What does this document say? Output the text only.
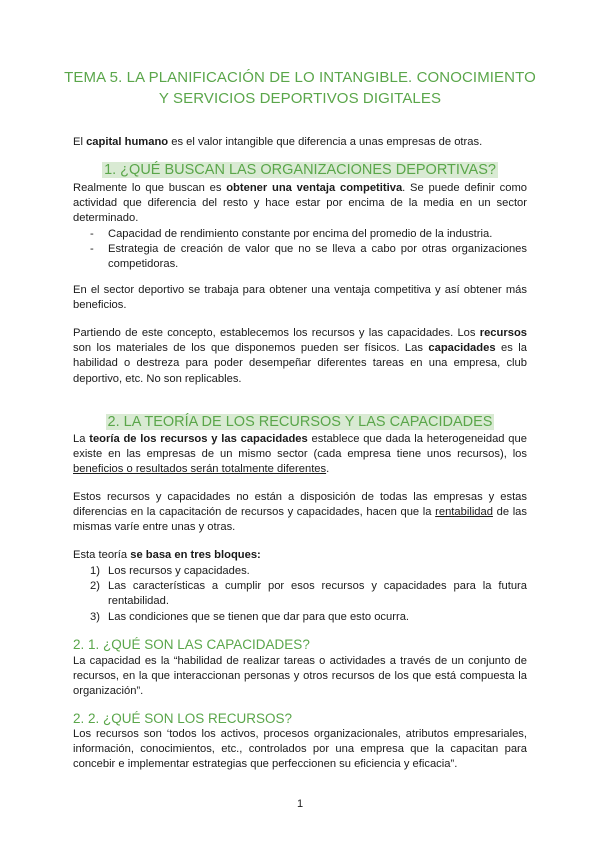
TEMA 5. LA PLANIFICACIÓN DE LO INTANGIBLE. CONOCIMIENTO
Y SERVICIOS DEPORTIVOS DIGITALES
El capital humano es el valor intangible que diferencia a unas empresas de otras.
1. ¿QUÉ BUSCAN LAS ORGANIZACIONES DEPORTIVAS?
Realmente lo que buscan es obtener una ventaja competitiva. Se puede definir como actividad que diferencia del resto y hace estar por encima de la media en un sector determinado.
- Capacidad de rendimiento constante por encima del promedio de la industria.
- Estrategia de creación de valor que no se lleva a cabo por otras organizaciones competidoras.
En el sector deportivo se trabaja para obtener una ventaja competitiva y así obtener más beneficios.
Partiendo de este concepto, establecemos los recursos y las capacidades. Los recursos son los materiales de los que disponemos pueden ser físicos. Las capacidades es la habilidad o destreza para poder desempeñar diferentes tareas en una empresa, club deportivo, etc. No son replicables.
2. LA TEORÍA DE LOS RECURSOS Y LAS CAPACIDADES
La teoría de los recursos y las capacidades establece que dada la heterogeneidad que existe en las empresas de un mismo sector (cada empresa tiene unos recursos), los beneficios o resultados serán totalmente diferentes.
Estos recursos y capacidades no están a disposición de todas las empresas y estas diferencias en la capacitación de recursos y capacidades, hacen que la rentabilidad de las mismas varíe entre unas y otras.
Esta teoría se basa en tres bloques:
1) Los recursos y capacidades.
2) Las características a cumplir por esos recursos y capacidades para la futura rentabilidad.
3) Las condiciones que se tienen que dar para que esto ocurra.
2. 1. ¿QUÉ SON LAS CAPACIDADES?
La capacidad es la “habilidad de realizar tareas o actividades a través de un conjunto de recursos, en la que interaccionan personas y otros recursos de los que está compuesta la organización”.
2. 2. ¿QUÉ SON LOS RECURSOS?
Los recursos son ‘todos los activos, procesos organizacionales, atributos empresariales, información, conocimientos, etc., controlados por una empresa que la capacitan para concebir e implementar estrategias que perfeccionen su eficiencia y eficacia”.
1
